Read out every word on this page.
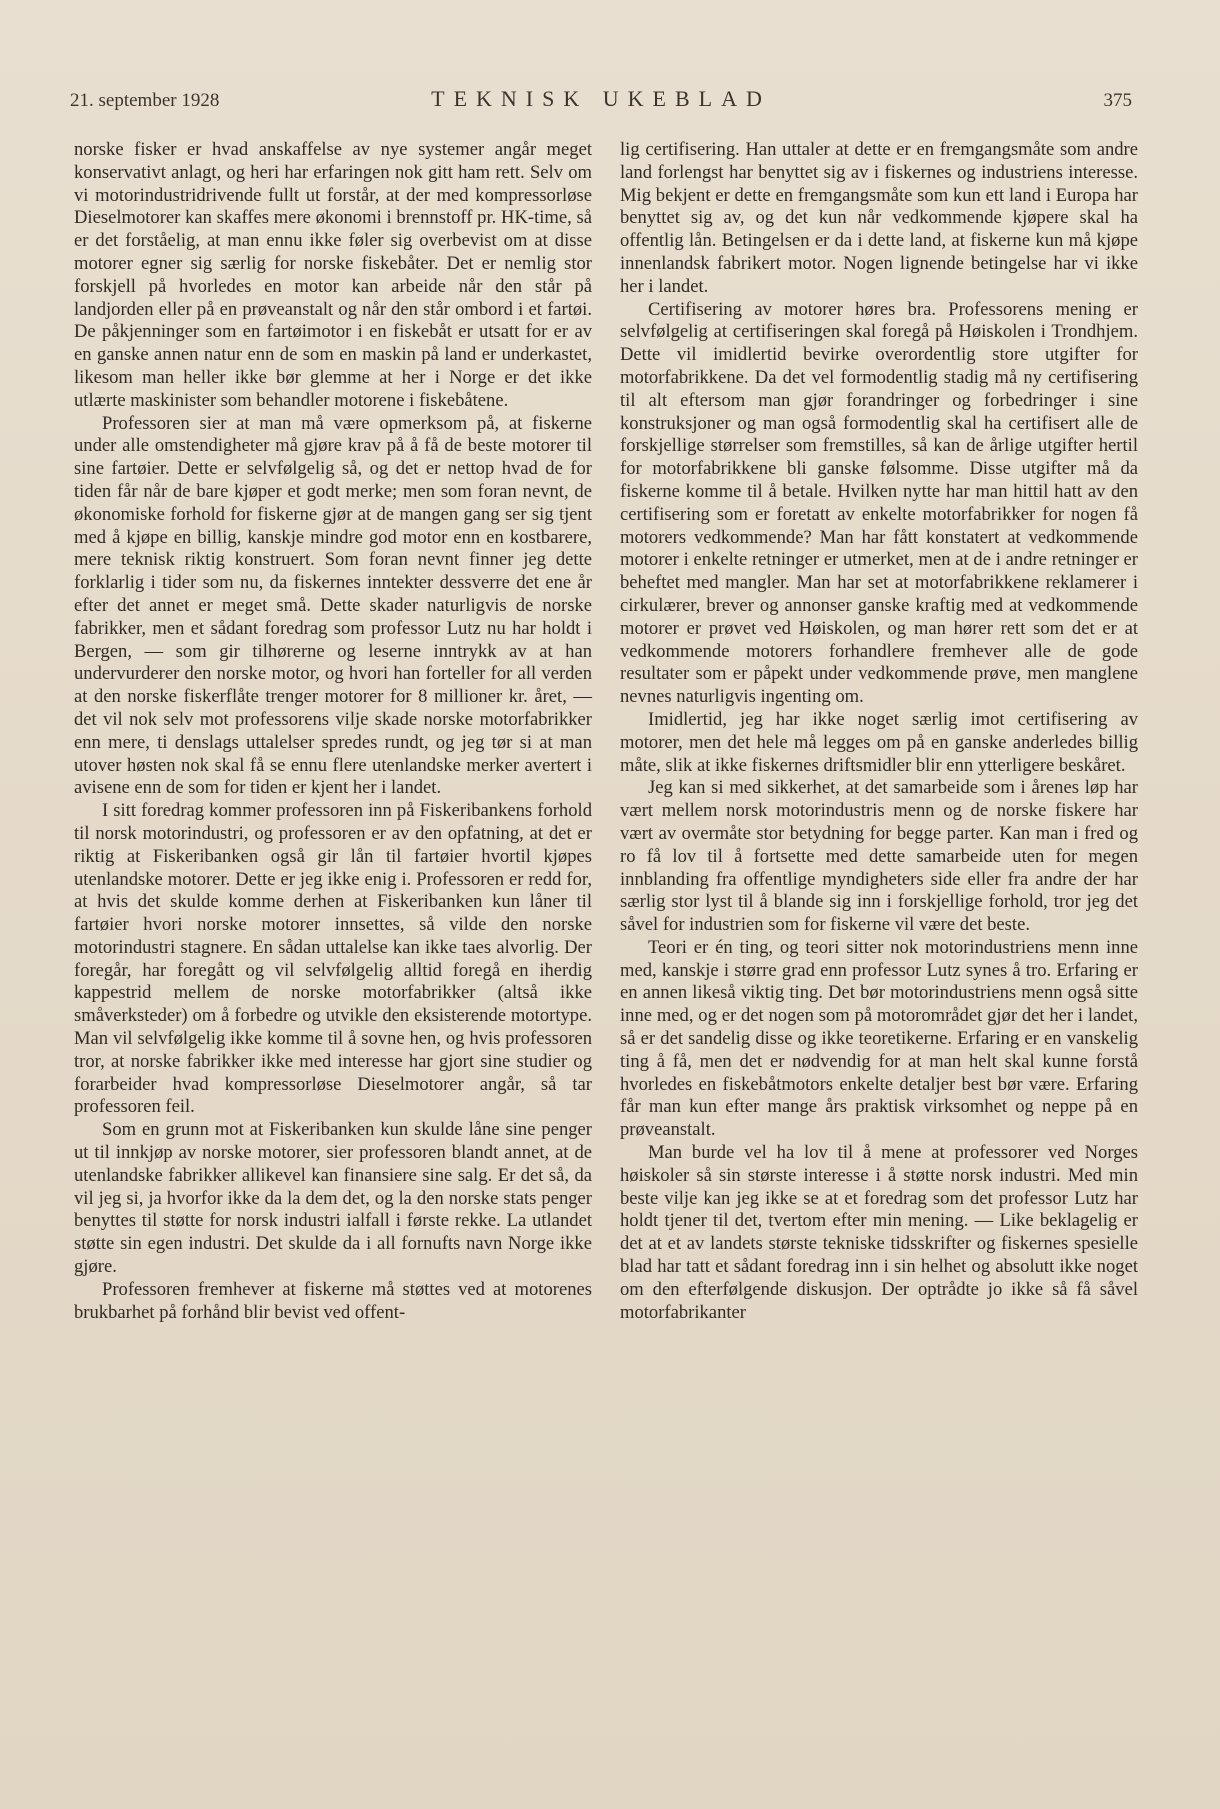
21. september 1928	TEKNISK UKEBLAD	375

norske fisker er hvad anskaffelse av nye systemer angår meget konservativt anlagt, og heri har erfaringen nok gitt ham rett. Selv om vi motorindustridrivende fullt ut forstår, at der med kompressorløse Dieselmotorer kan skaffes mere økonomi i brennstoff pr. HK-time, så er det forståelig, at man ennu ikke føler sig overbevist om at disse motorer egner sig særlig for norske fiskebåter. Det er nemlig stor forskjell på hvorledes en motor kan arbeide når den står på landjorden eller på en prøveanstalt og når den står ombord i et fartøi. De påkjenninger som en fartøimotor i en fiskebåt er utsatt for er av en ganske annen natur enn de som en maskin på land er underkastet, likesom man heller ikke bør glemme at her i Norge er det ikke utlærte maskinister som behandler motorene i fiskebåtene.

Professoren sier at man må være opmerksom på, at fiskerne under alle omstendigheter må gjøre krav på å få de beste motorer til sine fartøier. Dette er selvfølgelig så, og det er nettop hvad de for tiden får når de bare kjøper et godt merke; men som foran nevnt, de økonomiske forhold for fiskerne gjør at de mangen gang ser sig tjent med å kjøpe en billig, kanskje mindre god motor enn en kostbarere, mere teknisk riktig konstruert. Som foran nevnt finner jeg dette forklarlig i tider som nu, da fiskernes inntekter dessverre det ene år efter det annet er meget små. Dette skader naturligvis de norske fabrikker, men et sådant foredrag som professor Lutz nu har holdt i Bergen, — som gir tilhørerne og leserne inntrykk av at han undervurderer den norske motor, og hvori han forteller for all verden at den norske fiskerflåte trenger motorer for 8 millioner kr. året, — det vil nok selv mot professorens vilje skade norske motorfabrikker enn mere, ti denslags uttalelser spredes rundt, og jeg tør si at man utover høsten nok skal få se ennu flere utenlandske merker avertert i avisene enn de som for tiden er kjent her i landet.

I sitt foredrag kommer professoren inn på Fiskeribankens forhold til norsk motorindustri, og professoren er av den opfatning, at det er riktig at Fiskeribanken også gir lån til fartøier hvortil kjøpes utenlandske motorer. Dette er jeg ikke enig i. Professoren er redd for, at hvis det skulde komme derhen at Fiskeribanken kun låner til fartøier hvori norske motorer innsettes, så vilde den norske motorindustri stagnere. En sådan uttalelse kan ikke taes alvorlig. Der foregår, har foregått og vil selvfølgelig alltid foregå en iherdig kappestrid mellem de norske motorfabrikker (altså ikke småverksteder) om å forbedre og utvikle den eksisterende motortype. Man vil selvfølgelig ikke komme til å sovne hen, og hvis professoren tror, at norske fabrikker ikke med interesse har gjort sine studier og forarbeider hvad kompressorløse Dieselmotorer angår, så tar professoren feil.

Som en grunn mot at Fiskeribanken kun skulde låne sine penger ut til innkjøp av norske motorer, sier professoren blandt annet, at de utenlandske fabrikker allikevel kan finansiere sine salg. Er det så, da vil jeg si, ja hvorfor ikke da la dem det, og la den norske stats penger benyttes til støtte for norsk industri ialfall i første rekke. La utlandet støtte sin egen industri. Det skulde da i all fornufts navn Norge ikke gjøre.

Professoren fremhever at fiskerne må støttes ved at motorenes brukbarhet på forhånd blir bevist ved offent-

lig certifisering. Han uttaler at dette er en fremgangsmåte som andre land forlengst har benyttet sig av i fiskernes og industriens interesse. Mig bekjent er dette en fremgangsmåte som kun ett land i Europa har benyttet sig av, og det kun når vedkommende kjøpere skal ha offentlig lån. Betingelsen er da i dette land, at fiskerne kun må kjøpe innenlandsk fabrikert motor. Nogen lignende betingelse har vi ikke her i landet.

Certifisering av motorer høres bra. Professorens mening er selvfølgelig at certifiseringen skal foregå på Høiskolen i Trondhjem. Dette vil imidlertid bevirke overordentlig store utgifter for motorfabrikkene. Da det vel formodentlig stadig må ny certifisering til alt eftersom man gjør forandringer og forbedringer i sine konstruksjoner og man også formodentlig skal ha certifisert alle de forskjellige størrelser som fremstilles, så kan de årlige utgifter hertil for motorfabrikkene bli ganske følsomme. Disse utgifter må da fiskerne komme til å betale. Hvilken nytte har man hittil hatt av den certifisering som er foretatt av enkelte motorfabrikker for nogen få motorers vedkommende? Man har fått konstatert at vedkommende motorer i enkelte retninger er utmerket, men at de i andre retninger er beheftet med mangler. Man har set at motorfabrikkene reklamerer i cirkulærer, brever og annonser ganske kraftig med at vedkommende motorer er prøvet ved Høiskolen, og man hører rett som det er at vedkommende motorers forhandlere fremhever alle de gode resultater som er påpekt under vedkommende prøve, men manglene nevnes naturligvis ingenting om.

Imidlertid, jeg har ikke noget særlig imot certifisering av motorer, men det hele må legges om på en ganske anderledes billig måte, slik at ikke fiskernes driftsmidler blir enn ytterligere beskåret.

Jeg kan si med sikkerhet, at det samarbeide som i årenes løp har vært mellem norsk motorindustris menn og de norske fiskere har vært av overmåte stor betydning for begge parter. Kan man i fred og ro få lov til å fortsette med dette samarbeide uten for megen innblanding fra offentlige myndigheters side eller fra andre der har særlig stor lyst til å blande sig inn i forskjellige forhold, tror jeg det såvel for industrien som for fiskerne vil være det beste.

Teori er én ting, og teori sitter nok motorindustriens menn inne med, kanskje i større grad enn professor Lutz synes å tro. Erfaring er en annen likeså viktig ting. Det bør motorindustriens menn også sitte inne med, og er det nogen som på motorområdet gjør det her i landet, så er det sandelig disse og ikke teoretikerne. Erfaring er en vanskelig ting å få, men det er nødvendig for at man helt skal kunne forstå hvorledes en fiskebåtmotors enkelte detaljer best bør være. Erfaring får man kun efter mange års praktisk virksomhet og neppe på en prøveanstalt.

Man burde vel ha lov til å mene at professorer ved Norges høiskoler så sin største interesse i å støtte norsk industri. Med min beste vilje kan jeg ikke se at et foredrag som det professor Lutz har holdt tjener til det, tvertom efter min mening. — Like beklagelig er det at et av landets største tekniske tidsskrifter og fiskernes spesielle blad har tatt et sådant foredrag inn i sin helhet og absolutt ikke noget om den efterfølgende diskusjon. Der optrådte jo ikke så få såvel motorfabrikanter
